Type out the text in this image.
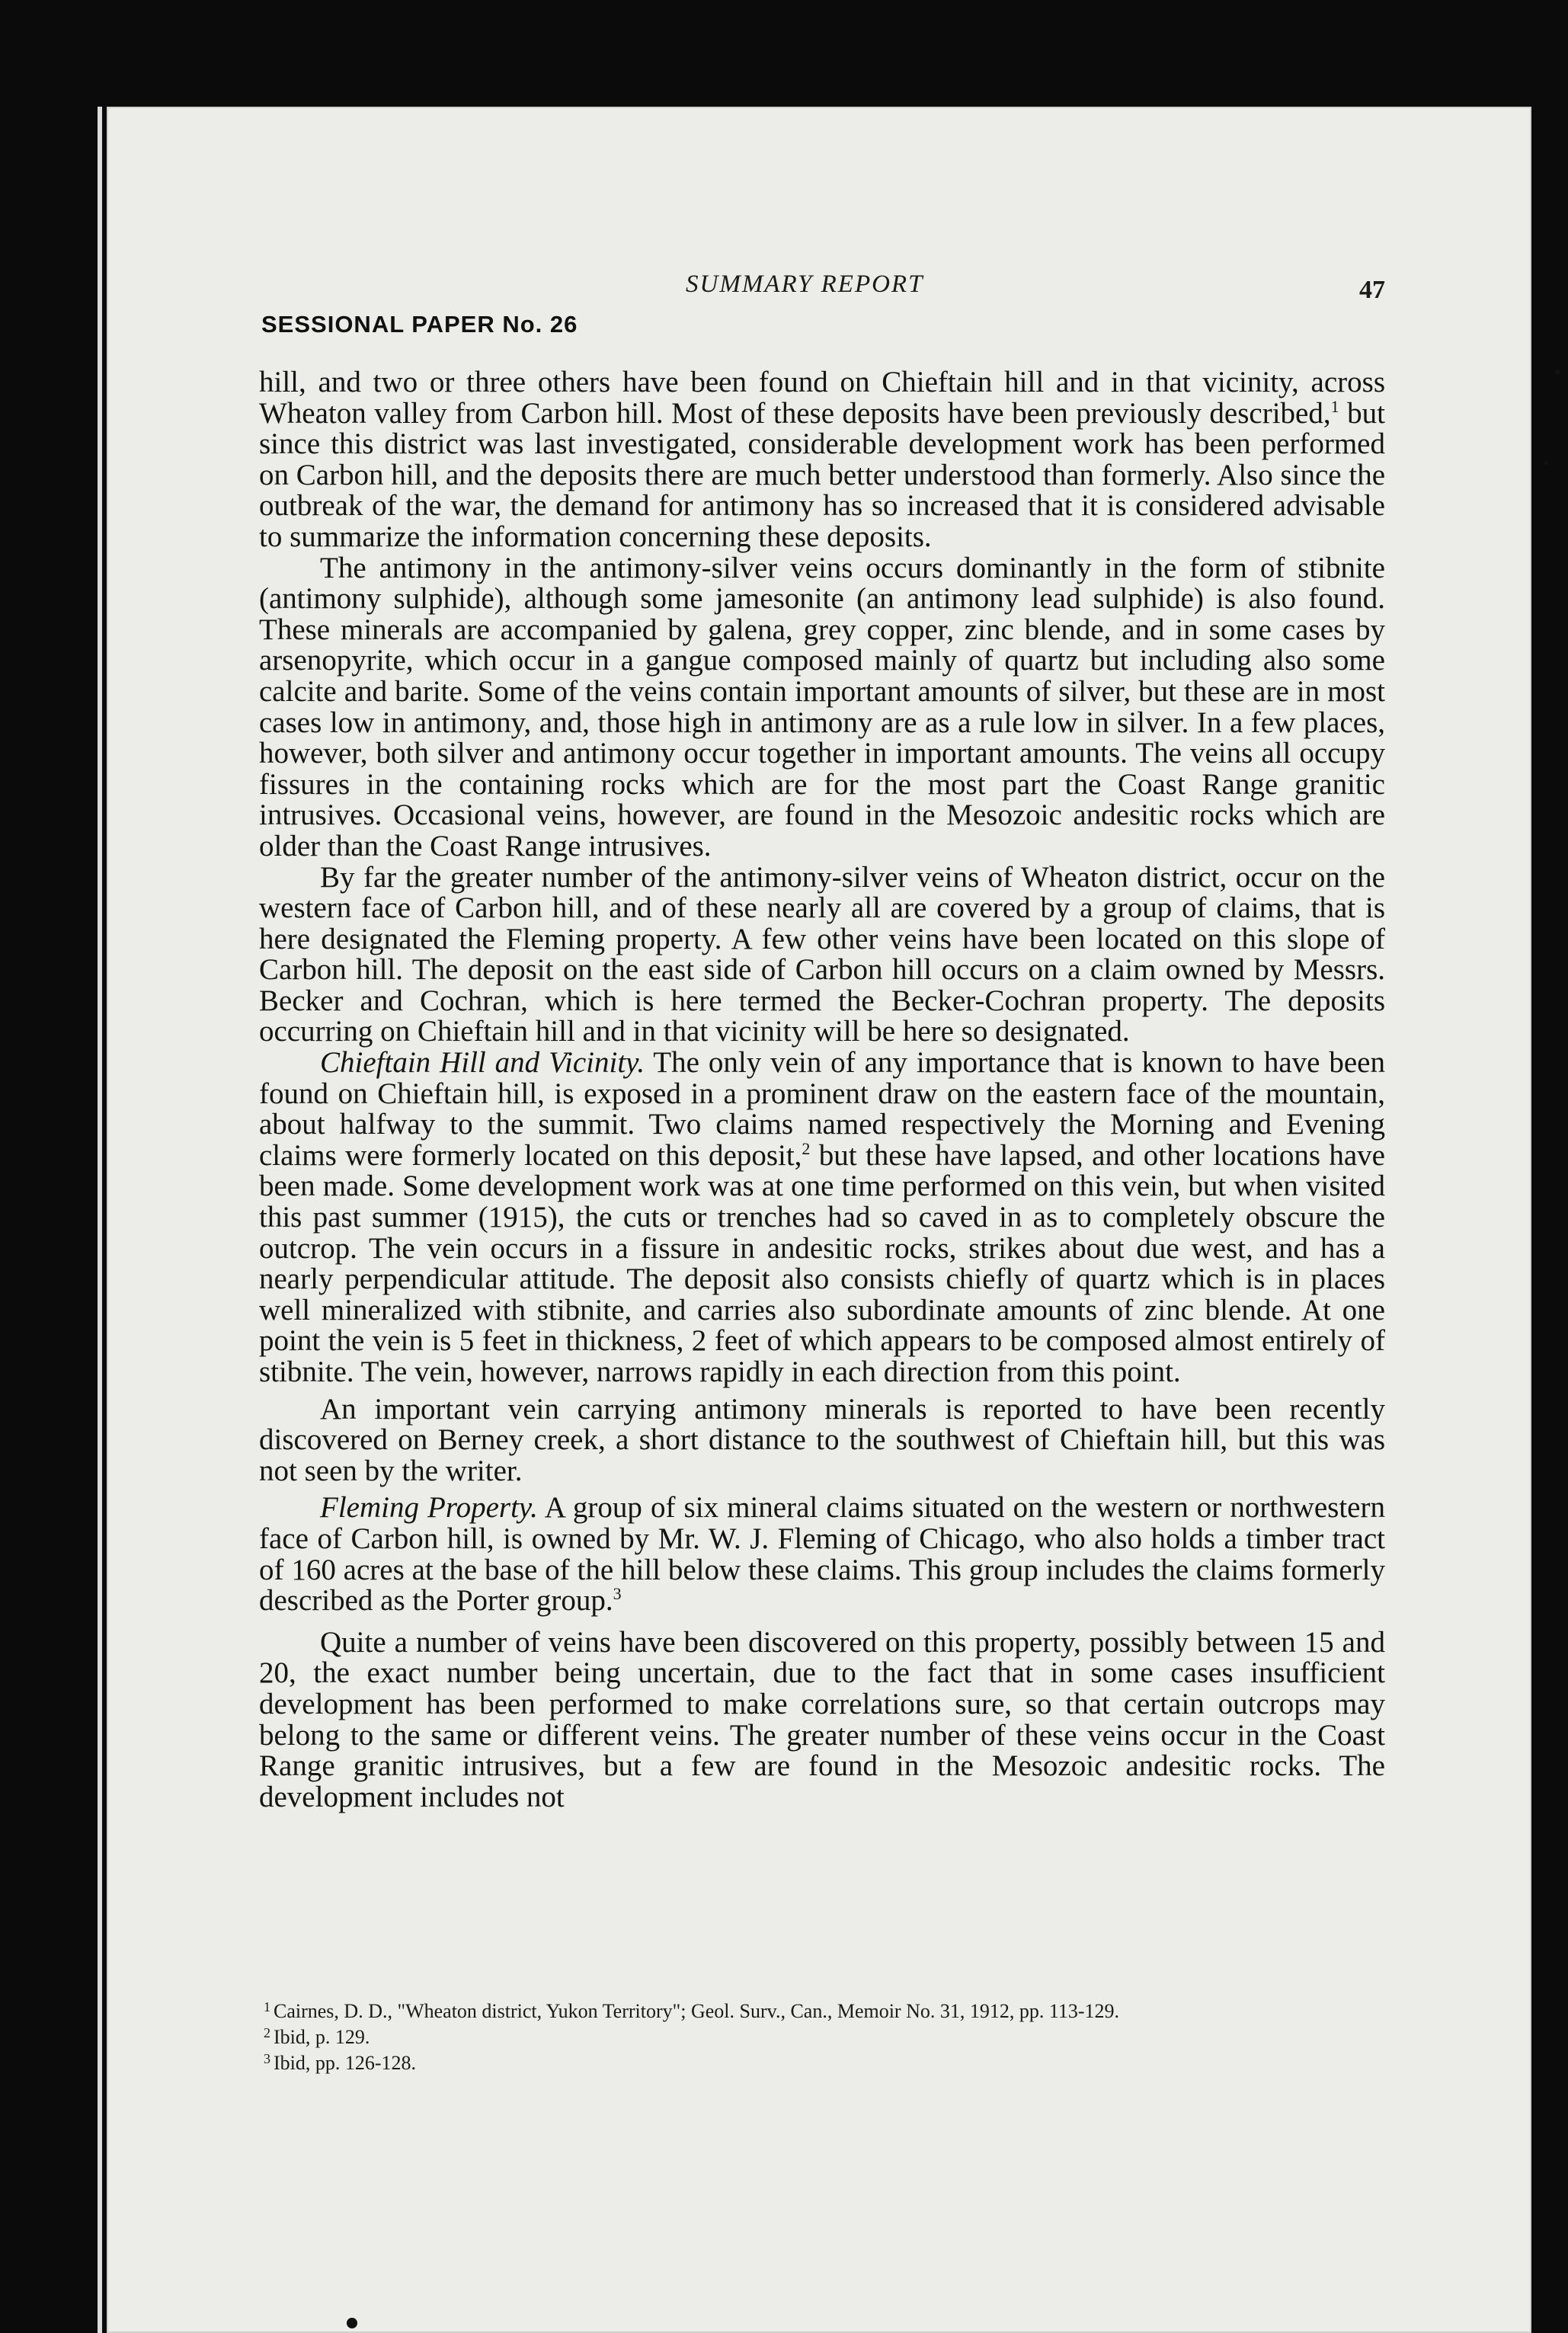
SUMMARY REPORT	47
SESSIONAL PAPER No. 26

hill, and two or three others have been found on Chieftain hill and in that vicinity, across Wheaton valley from Carbon hill. Most of these deposits have been previously described,$^1$ but since this district was last investigated, considerable development work has been performed on Carbon hill, and the deposits there are much better understood than formerly. Also since the outbreak of the war, the demand for antimony has so increased that it is considered advisable to summarize the information concerning these deposits.

The antimony in the antimony-silver veins occurs dominantly in the form of stibnite (antimony sulphide), although some jamesonite (an antimony lead sulphide) is also found. These minerals are accompanied by galena, grey copper, zinc blende, and in some cases by arsenopyrite, which occur in a gangue composed mainly of quartz but including also some calcite and barite. Some of the veins contain important amounts of silver, but these are in most cases low in antimony, and, those high in antimony are as a rule low in silver. In a few places, however, both silver and antimony occur together in important amounts. The veins all occupy fissures in the containing rocks which are for the most part the Coast Range granitic intrusives. Occasional veins, however, are found in the Mesozoic andesitic rocks which are older than the Coast Range intrusives.

By far the greater number of the antimony-silver veins of Wheaton district, occur on the western face of Carbon hill, and of these nearly all are covered by a group of claims, that is here designated the Fleming property. A few other veins have been located on this slope of Carbon hill. The deposit on the east side of Carbon hill occurs on a claim owned by Messrs. Becker and Cochran, which is here termed the Becker-Cochran property. The deposits occurring on Chieftain hill and in that vicinity will be here so designated.

Chieftain Hill and Vicinity. The only vein of any importance that is known to have been found on Chieftain hill, is exposed in a prominent draw on the eastern face of the mountain, about halfway to the summit. Two claims named respectively the Morning and Evening claims were formerly located on this deposit,$^2$ but these have lapsed, and other locations have been made. Some development work was at one time performed on this vein, but when visited this past summer (1915), the cuts or trenches had so caved in as to completely obscure the outcrop. The vein occurs in a fissure in andesitic rocks, strikes about due west, and has a nearly perpendicular attitude. The deposit also consists chiefly of quartz which is in places well mineralized with stibnite, and carries also subordinate amounts of zinc blende. At one point the vein is 5 feet in thickness, 2 feet of which appears to be composed almost entirely of stibnite. The vein, however, narrows rapidly in each direction from this point.

An important vein carrying antimony minerals is reported to have been recently discovered on Berney creek, a short distance to the southwest of Chieftain hill, but this was not seen by the writer.

Fleming Property. A group of six mineral claims situated on the western or northwestern face of Carbon hill, is owned by Mr. W. J. Fleming of Chicago, who also holds a timber tract of 160 acres at the base of the hill below these claims. This group includes the claims formerly described as the Porter group.$^3$

Quite a number of veins have been discovered on this property, possibly between 15 and 20, the exact number being uncertain, due to the fact that in some cases insufficient development has been performed to make correlations sure, so that certain outcrops may belong to the same or different veins. The greater number of these veins occur in the Coast Range granitic intrusives, but a few are found in the Mesozoic andesitic rocks. The development includes not

$^1$ Cairnes, D. D., "Wheaton district, Yukon Territory"; Geol. Surv., Can., Memoir No. 31, 1912, pp. 113-129.
$^2$ Ibid, p. 129.
$^3$ Ibid, pp. 126-128.
